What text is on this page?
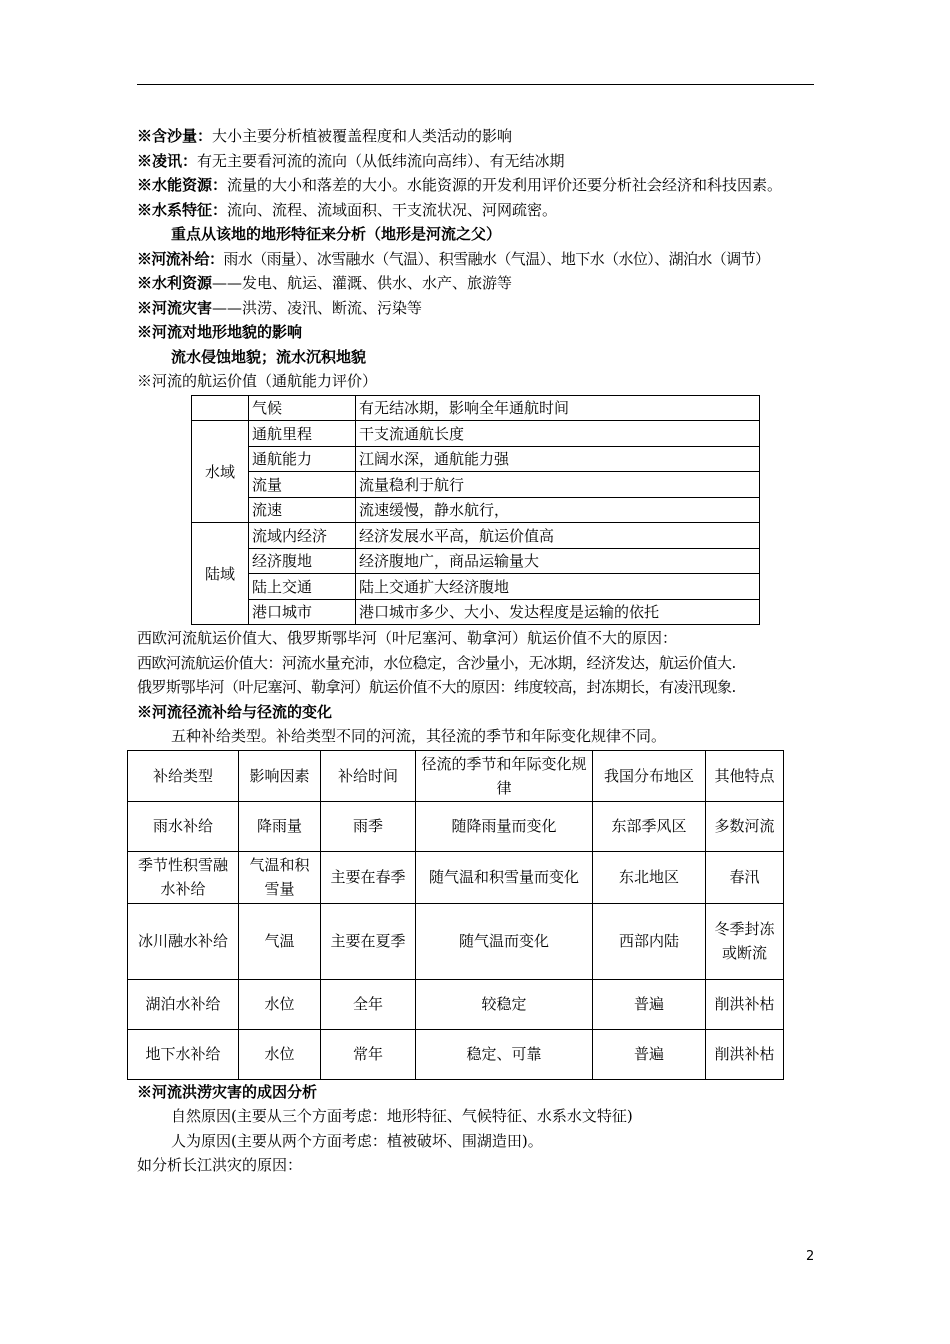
※含沙量：大小主要分析植被覆盖程度和人类活动的影响
※凌讯：有无主要看河流的流向（从低纬流向高纬）、有无结冰期
※水能资源：流量的大小和落差的大小。水能资源的开发利用评价还要分析社会经济和科技因素。
※水系特征：流向、流程、流域面积、干支流状况、河网疏密。
重点从该地的地形特征来分析（地形是河流之父）
※河流补给：雨水（雨量）、冰雪融水（气温）、积雪融水（气温）、地下水（水位）、湖泊水（调节）
※水利资源——发电、航运、灌溉、供水、水产、旅游等
※河流灾害——洪涝、凌汛、断流、污染等
※河流对地形地貌的影响
流水侵蚀地貌；流水沉积地貌
※河流的航运价值（通航能力评价）
	气候	有无结冰期，影响全年通航时间
水域	通航里程	干支流通航长度
	通航能力	江阔水深，通航能力强
	流量	流量稳利于航行
	流速	流速缓慢，静水航行，
陆域	流域内经济	经济发展水平高，航运价值高
	经济腹地	经济腹地广，商品运输量大
	陆上交通	陆上交通扩大经济腹地
	港口城市	港口城市多少、大小、发达程度是运输的依托
西欧河流航运价值大、俄罗斯鄂毕河（叶尼塞河、勒拿河）航运价值不大的原因：
西欧河流航运价值大：河流水量充沛，水位稳定，含沙量小，无冰期，经济发达，航运价值大.
俄罗斯鄂毕河（叶尼塞河、勒拿河）航运价值不大的原因：纬度较高，封冻期长，有凌汛现象.
※河流径流补给与径流的变化
五种补给类型。补给类型不同的河流，其径流的季节和年际变化规律不同。
补给类型	影响因素	补给时间	径流的季节和年际变化规律	我国分布地区	其他特点
雨水补给	降雨量	雨季	随降雨量而变化	东部季风区	多数河流
季节性积雪融水补给	气温和积雪量	主要在春季	随气温和积雪量而变化	东北地区	春汛
冰川融水补给	气温	主要在夏季	随气温而变化	西部内陆	冬季封冻或断流
湖泊水补给	水位	全年	较稳定	普遍	削洪补枯
地下水补给	水位	常年	稳定、可靠	普遍	削洪补枯
※河流洪涝灾害的成因分析
自然原因(主要从三个方面考虑：地形特征、气候特征、水系水文特征)
人为原因(主要从两个方面考虑：植被破坏、围湖造田)。
如分析长江洪灾的原因：
2
